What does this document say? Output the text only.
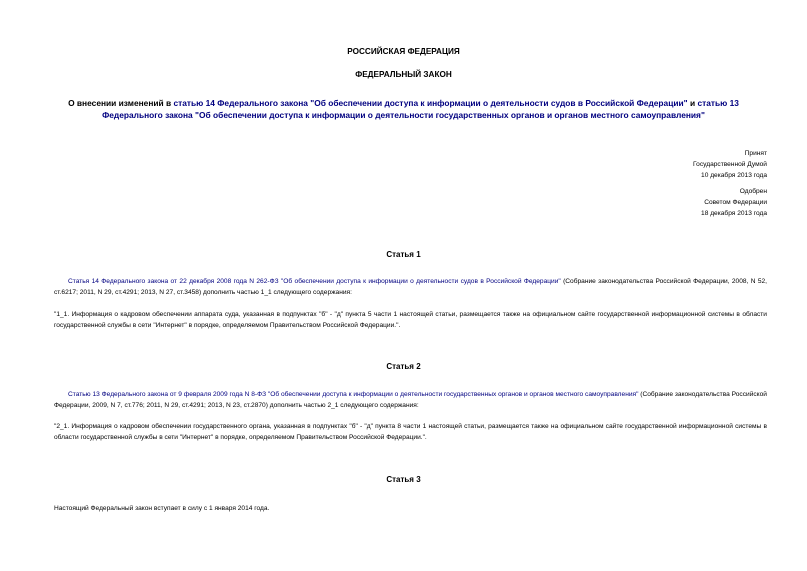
РОССИЙСКАЯ ФЕДЕРАЦИЯ
ФЕДЕРАЛЬНЫЙ ЗАКОН
О внесении изменений в статью 14 Федерального закона "Об обеспечении доступа к информации о деятельности судов в Российской Федерации" и статью 13 Федерального закона "Об обеспечении доступа к информации о деятельности государственных органов и органов местного самоуправления"
Принят
Государственной Думой
10 декабря 2013 года
Одобрен
Советом Федерации
18 декабря 2013 года
Статья 1
Статья 14 Федерального закона от 22 декабря 2008 года N 262-ФЗ "Об обеспечении доступа к информации о деятельности судов в Российской Федерации" (Собрание законодательства Российской Федерации, 2008, N 52, ст.6217; 2011, N 29, ст.4291; 2013, N 27, ст.3458) дополнить частью 1_1 следующего содержания:
"1_1. Информация о кадровом обеспечении аппарата суда, указанная в подпунктах "б" - "д" пункта 5 части 1 настоящей статьи, размещается также на официальном сайте государственной информационной системы в области государственной службы в сети "Интернет" в порядке, определяемом Правительством Российской Федерации.".
Статья 2
Статью 13 Федерального закона от 9 февраля 2009 года N 8-ФЗ "Об обеспечении доступа к информации о деятельности государственных органов и органов местного самоуправления" (Собрание законодательства Российской Федерации, 2009, N 7, ст.776; 2011, N 29, ст.4291; 2013, N 23, ст.2870) дополнить частью 2_1 следующего содержания:
"2_1. Информация о кадровом обеспечении государственного органа, указанная в подпунктах "б" - "д" пункта 8 части 1 настоящей статьи, размещается также на официальном сайте государственной информационной системы в области государственной службы в сети "Интернет" в порядке, определяемом Правительством Российской Федерации.".
Статья 3
Настоящий Федеральный закон вступает в силу с 1 января 2014 года.
